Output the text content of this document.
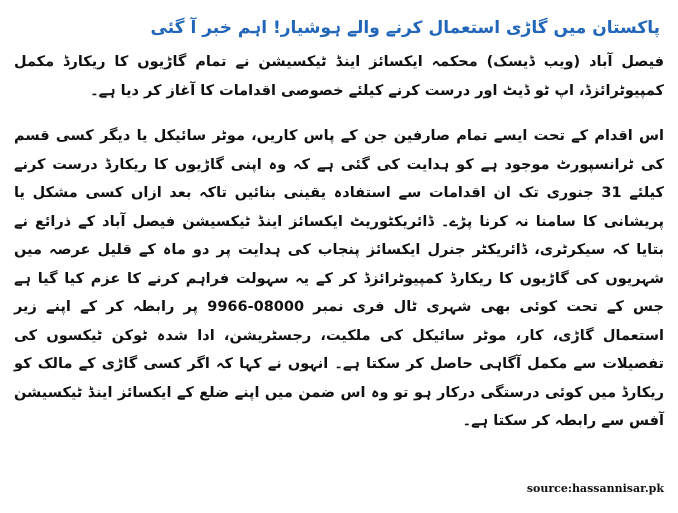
پاکستان میں گاڑی استعمال کرنے والے ہوشیار! اہم خبر آ گئی

فیصل آباد (ویب ڈیسک) محکمہ ایکسائز اینڈ ٹیکسیشن نے تمام گاڑیوں کا ریکارڈ مکمل کمپیوٹرائزڈ، اپ ٹو ڈیٹ اور درست کرنے کیلئے خصوصی اقدامات کا آغاز کر دیا ہے۔

اس اقدام کے تحت ایسے تمام صارفین جن کے پاس کاریں، موٹر سائیکل یا دیگر کسی قسم کی ٹرانسپورٹ موجود ہے کو ہدایت کی گئی ہے کہ وہ اپنی گاڑیوں کا ریکارڈ درست کرنے کیلئے 31 جنوری تک ان اقدامات سے استفادہ یقینی بنائیں تاکہ بعد ازاں کسی مشکل یا پریشانی کا سامنا نہ کرنا پڑے۔ ڈائریکٹوریٹ ایکسائز اینڈ ٹیکسیشن فیصل آباد کے ذرائع نے بتایا کہ سیکرٹری، ڈائریکٹر جنرل ایکسائز پنجاب کی ہدایت پر دو ماہ کے قلیل عرصہ میں شہریوں کی گاڑیوں کا ریکارڈ کمپیوٹرائزڈ کر کے یہ سہولت فراہم کرنے کا عزم کیا گیا ہے جس کے تحت کوئی بھی شہری ٹال فری نمبر 08000-9966 پر رابطہ کر کے اپنے زیر استعمال گاڑی، کار، موٹر سائیکل کی ملکیت، رجسٹریشن، ادا شدہ ٹوکن ٹیکسوں کی تفصیلات سے مکمل آگاہی حاصل کر سکتا ہے۔ انہوں نے کہا کہ اگر کسی گاڑی کے مالک کو ریکارڈ میں کوئی درستگی درکار ہو تو وہ اس ضمن میں اپنے ضلع کے ایکسائز اینڈ ٹیکسیشن آفس سے رابطہ کر سکتا ہے۔

source:hassannisar.pk
